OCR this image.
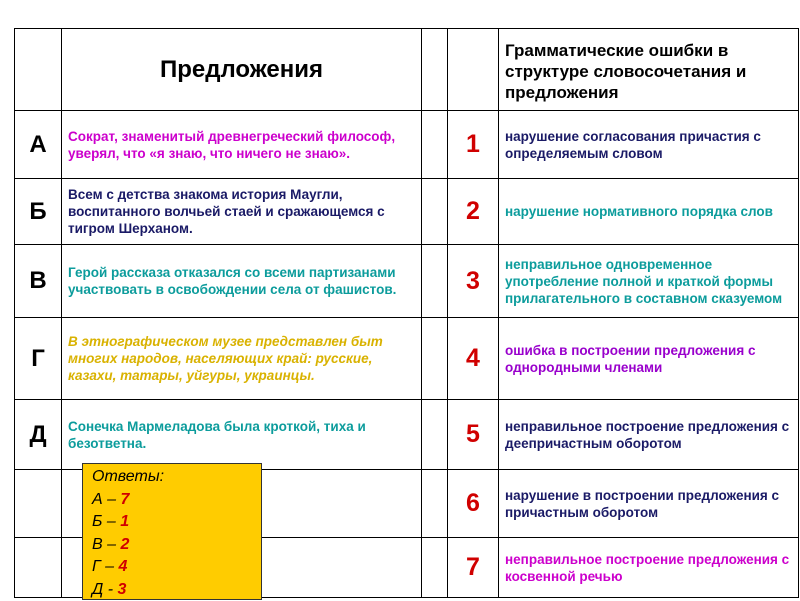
	Предложения			Грамматические ошибки в структуре словосочетания и предложения
А	Сократ, знаменитый древнегреческий философ, уверял, что «я знаю, что ничего не знаю».		1	нарушение согласования причастия с определяемым словом
Б	Всем с детства знакома история Маугли, воспитанного волчьей стаей и сражающемся с тигром Шерханом.		2	нарушение нормативного порядка слов
В	Герой рассказа отказался со всеми партизанами участвовать в освобождении села от фашистов.		3	неправильное одновременное употребление полной и краткой формы прилагательного в составном сказуемом
Г	В этнографическом музее представлен быт многих народов, населяющих край: русские, казахи, татары, уйгуры, украинцы.		4	ошибка в построении предложения с однородными членами
Д	Сонечка Мармеладова была кроткой, тиха и безответна.		5	неправильное построение предложения с деепричастным оборотом
			6	нарушение в построении предложения с причастным оборотом
			7	неправильное построение предложения с косвенной речью
Ответы:
А – 7
Б – 1
В – 2
Г – 4
Д - 3
